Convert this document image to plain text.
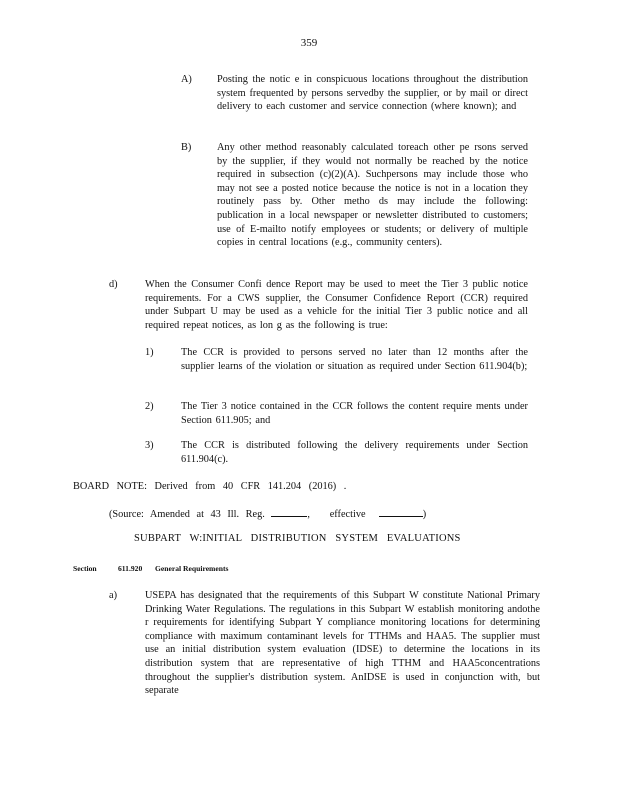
359
A) Posting the notic e in conspicuous locations throughout the distribution system frequented by persons servedby the supplier, or by mail or direct delivery to each customer and service connection (where known); and
B) Any other method reasonably calculated toreach other pe rsons served by the supplier, if they would not normally be reached by the notice required in subsection (c)(2)(A). Suchpersons may include those who may not see a posted notice because the notice is not in a location they routinely pass by. Other metho ds may include the following: publication in a local newspaper or newsletter distributed to customers; use of E-mailto notify employees or students; or delivery of multiple copies in central locations (e.g., community centers).
d)	When the Consumer Confi dence Report may be used to meet the Tier 3 public notice requirements. For a CWS supplier, the Consumer Confidence Report (CCR) required under Subpart U may be used as a vehicle for the initial Tier 3 public notice and all required repeat notices, as lon g as the following is true:
1)	The CCR is provided to persons served no later than 12 months after the supplier learns of the violation or situation as required under Section 611.904(b);
2)	The Tier 3 notice contained in the CCR follows the content require ments under Section 611.905; and
3)	The CCR is distributed following the delivery requirements under Section 611.904(c).
BOARD NOTE: Derived from 40 CFR 141.204 (2016) .
(Source: Amended at 43 Ill. Reg.	, effective	)
SUBPART W:INITIAL DISTRIBUTION SYSTEM EVALUATIONS
Section	611.920 General Requirements
a)	USEPA has designated that the requirements of this Subpart W constitute National Primary Drinking Water Regulations. The regulations in this Subpart W establish monitoring andothe r requirements for identifying Subpart Y compliance monitoring locations for determining compliance with maximum contaminant levels for TTHMs and HAA5. The supplier must use an initial distribution system evaluation (IDSE) to determine the locations in its distribution system that are representative of high TTHM and HAA5concentrations throughout the supplier's distribution system. AnIDSE is used in conjunction with, but separate
